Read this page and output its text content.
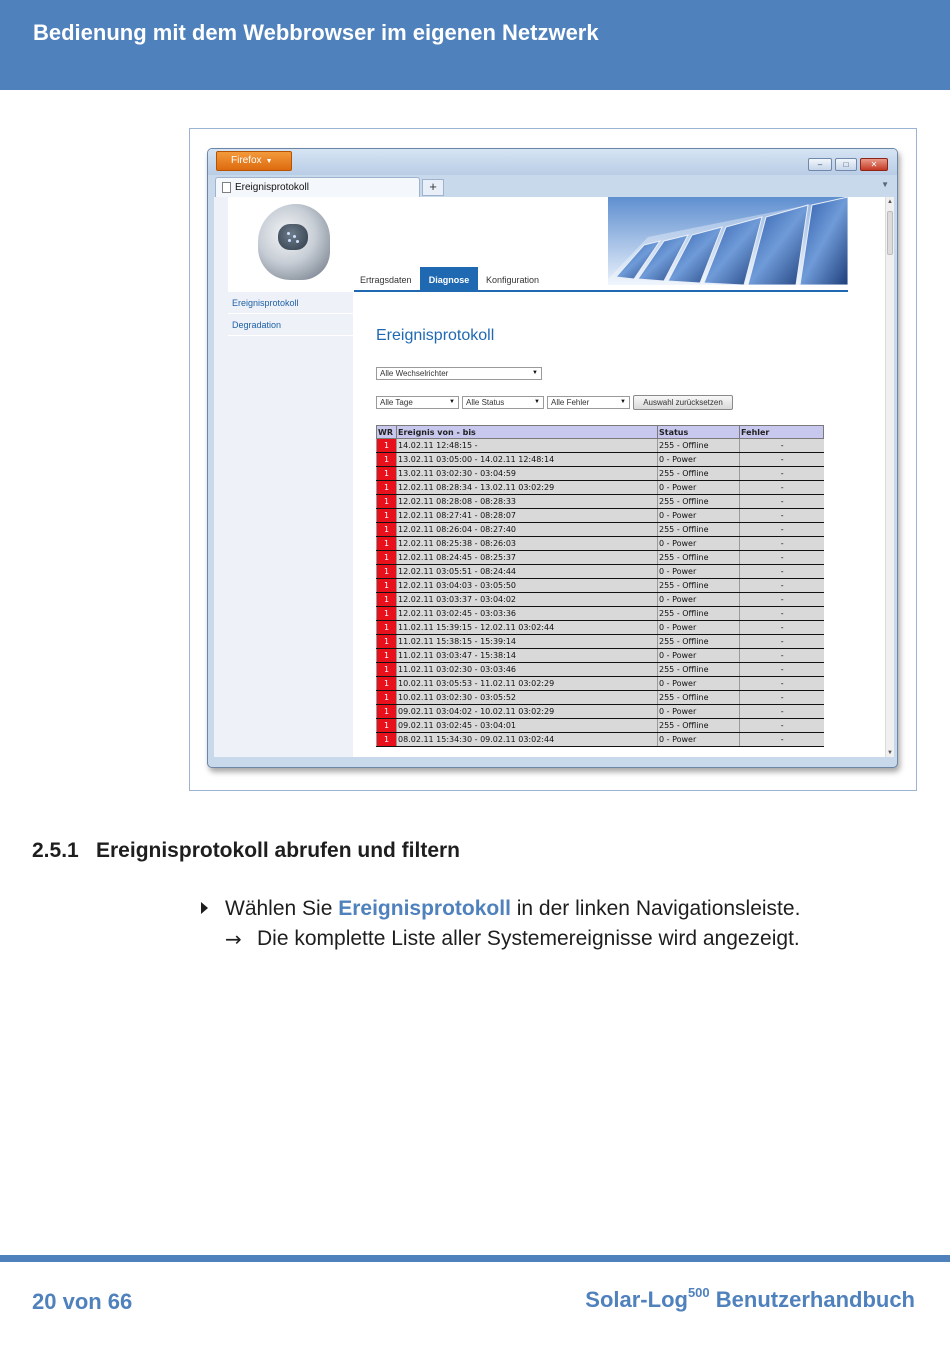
Bedienung mit dem Webbrowser im eigenen Netzwerk
Firefox ▼	–	□	✕
Ereignisprotokoll	+	▼
Ertragsdaten	Diagnose	Konfiguration
Ereignisprotokoll
Degradation
Ereignisprotokoll
Alle Wechselrichter	▼
Alle Tage	▼	Alle Status	▼	Alle Fehler	▼	Auswahl zurücksetzen
WR	Ereignis von - bis	Status	Fehler
1	14.02.11 12:48:15 -	255 - Offline	-
1	13.02.11 03:05:00 - 14.02.11 12:48:14	0 - Power	-
1	13.02.11 03:02:30 - 03:04:59	255 - Offline	-
1	12.02.11 08:28:34 - 13.02.11 03:02:29	0 - Power	-
1	12.02.11 08:28:08 - 08:28:33	255 - Offline	-
1	12.02.11 08:27:41 - 08:28:07	0 - Power	-
1	12.02.11 08:26:04 - 08:27:40	255 - Offline	-
1	12.02.11 08:25:38 - 08:26:03	0 - Power	-
1	12.02.11 08:24:45 - 08:25:37	255 - Offline	-
1	12.02.11 03:05:51 - 08:24:44	0 - Power	-
1	12.02.11 03:04:03 - 03:05:50	255 - Offline	-
1	12.02.11 03:03:37 - 03:04:02	0 - Power	-
1	12.02.11 03:02:45 - 03:03:36	255 - Offline	-
1	11.02.11 15:39:15 - 12.02.11 03:02:44	0 - Power	-
1	11.02.11 15:38:15 - 15:39:14	255 - Offline	-
1	11.02.11 03:03:47 - 15:38:14	0 - Power	-
1	11.02.11 03:02:30 - 03:03:46	255 - Offline	-
1	10.02.11 03:05:53 - 11.02.11 03:02:29	0 - Power	-
1	10.02.11 03:02:30 - 03:05:52	255 - Offline	-
1	09.02.11 03:04:02 - 10.02.11 03:02:29	0 - Power	-
1	09.02.11 03:02:45 - 03:04:01	255 - Offline	-
1	08.02.11 15:34:30 - 09.02.11 03:02:44	0 - Power	-
▲
▼
2.5.1 Ereignisprotokoll abrufen und filtern
Wählen Sie Ereignisprotokoll in der linken Navigationsleiste.
→ Die komplette Liste aller Systemereignisse wird angezeigt.
20 von 66	Solar-Log$^{500}$ Benutzerhandbuch
